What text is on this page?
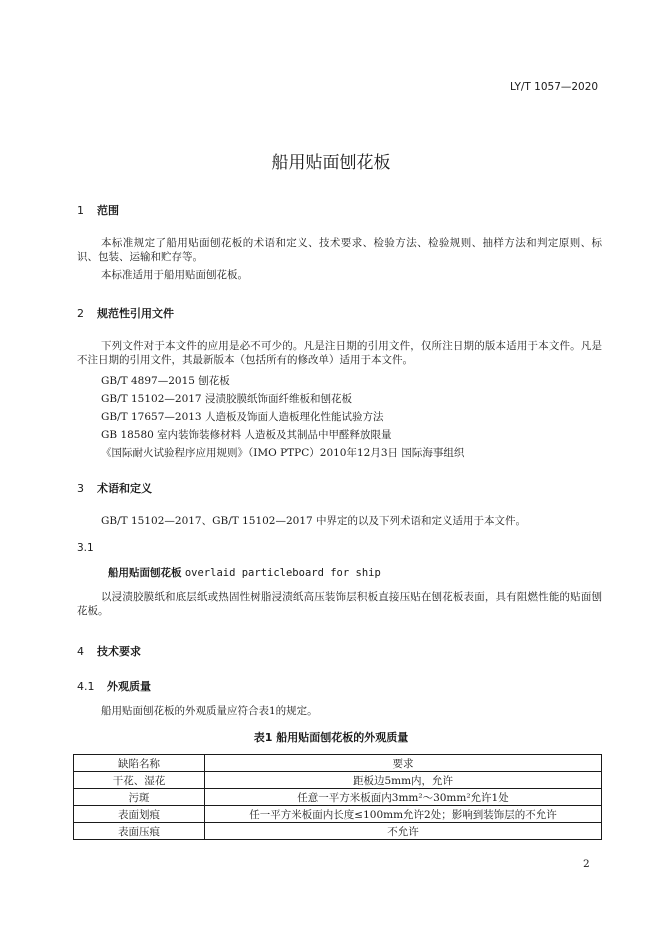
LY/T 1057—2020
船用贴面刨花板
1 范围
本标准规定了船用贴面刨花板的术语和定义、技术要求、检验方法、检验规则、抽样方法和判定原则、标识、包装、运输和贮存等。
本标准适用于船用贴面刨花板。
2 规范性引用文件
下列文件对于本文件的应用是必不可少的。凡是注日期的引用文件，仅所注日期的版本适用于本文件。凡是不注日期的引用文件，其最新版本（包括所有的修改单）适用于本文件。
GB/T 4897—2015 刨花板
GB/T 15102—2017 浸渍胶膜纸饰面纤维板和刨花板
GB/T 17657—2013 人造板及饰面人造板理化性能试验方法
GB 18580 室内装饰装修材料 人造板及其制品中甲醛释放限量
《国际耐火试验程序应用规则》（IMO PTPC）2010年12月3日 国际海事组织
3 术语和定义
GB/T 15102—2017、GB/T 15102—2017 中界定的以及下列术语和定义适用于本文件。
3.1
船用贴面刨花板 overlaid particleboard for ship
以浸渍胶膜纸和底层纸或热固性树脂浸渍纸高压装饰层积板直接压贴在刨花板表面，具有阻燃性能的贴面刨花板。
4 技术要求
4.1 外观质量
船用贴面刨花板的外观质量应符合表1的规定。
表1 船用贴面刨花板的外观质量
缺陷名称	要求
干花、湿花	距板边5mm内，允许
污斑	任意一平方米板面内3mm²～30mm²允许1处
表面划痕	任一平方米板面内长度≤100mm允许2处；影响到装饰层的不允许
表面压痕	不允许
2
